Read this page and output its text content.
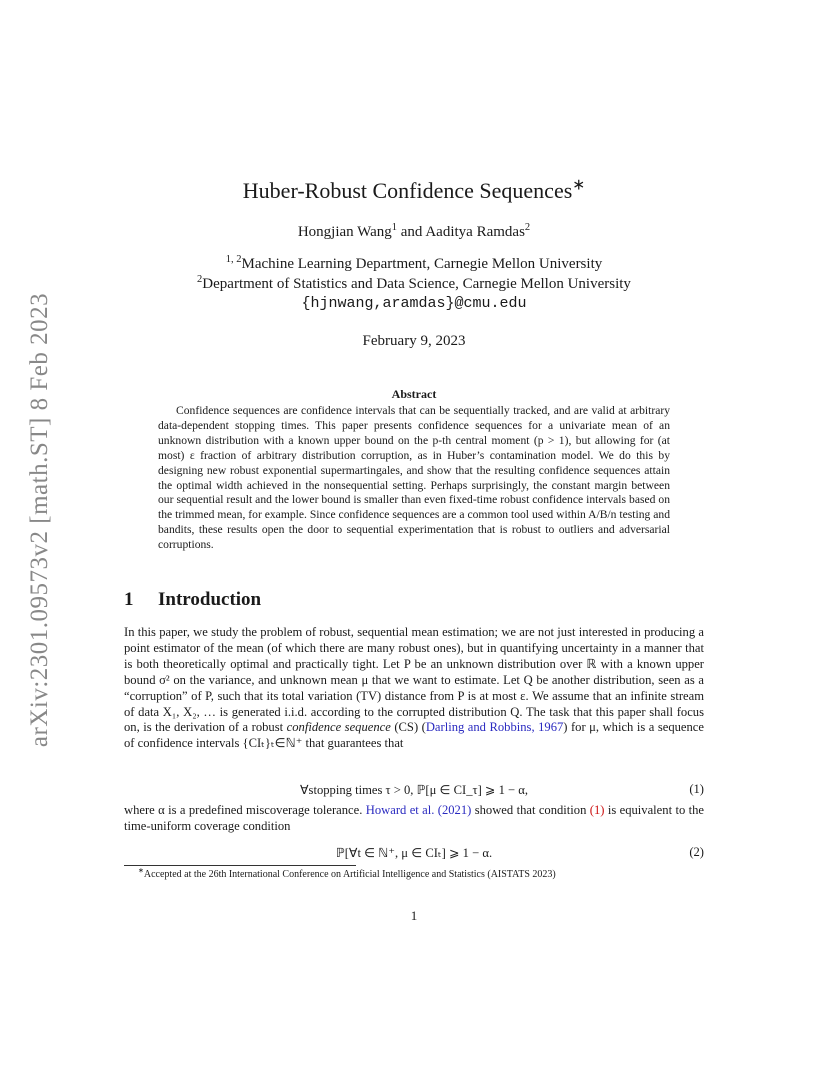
arXiv:2301.09573v2 [math.ST] 8 Feb 2023
Huber-Robust Confidence Sequences∗
Hongjian Wang$^1$ and Aaditya Ramdas$^2$
$^{1, 2}$Machine Learning Department, Carnegie Mellon University
$^2$Department of Statistics and Data Science, Carnegie Mellon University
{hjnwang,aramdas}@cmu.edu
February 9, 2023
Abstract

Confidence sequences are confidence intervals that can be sequentially tracked, and are valid at arbitrary data-dependent stopping times. This paper presents confidence sequences for a univariate mean of an unknown distribution with a known upper bound on the p-th central moment (p > 1), but allowing for (at most) ε fraction of arbitrary distribution corruption, as in Huber’s contamination model. We do this by designing new robust exponential supermartingales, and show that the resulting confidence sequences attain the optimal width achieved in the nonsequential setting. Perhaps surprisingly, the constant margin between our sequential result and the lower bound is smaller than even fixed-time robust confidence intervals based on the trimmed mean, for example. Since confidence sequences are a common tool used within A/B/n testing and bandits, these results open the door to sequential experimentation that is robust to outliers and adversarial corruptions.

1 Introduction

In this paper, we study the problem of robust, sequential mean estimation; we are not just interested in producing a point estimator of the mean (of which there are many robust ones), but in quantifying uncertainty in a manner that is both theoretically optimal and practically tight. Let P be an unknown distribution over ℝ with a known upper bound σ² on the variance, and unknown mean μ that we want to estimate. Let Q be another distribution, seen as a “corruption” of P, such that its total variation (TV) distance from P is at most ε. We assume that an infinite stream of data X₁, X₂, … is generated i.i.d. according to the corrupted distribution Q. The task that this paper shall focus on, is the derivation of a robust confidence sequence (CS) (Darling and Robbins, 1967) for μ, which is a sequence of confidence intervals {CIₜ}ₜ∈ℕ⁺ that guarantees that

∀stopping times τ > 0, ℙ[μ ∈ CI_τ] ⩾ 1 − α,	(1)

where α is a predefined miscoverage tolerance. Howard et al. (2021) showed that condition (1) is equivalent to the time-uniform coverage condition

ℙ[∀t ∈ ℕ⁺, μ ∈ CIₜ] ⩾ 1 − α.	(2)
∗Accepted at the 26th International Conference on Artificial Intelligence and Statistics (AISTATS 2023)
1
